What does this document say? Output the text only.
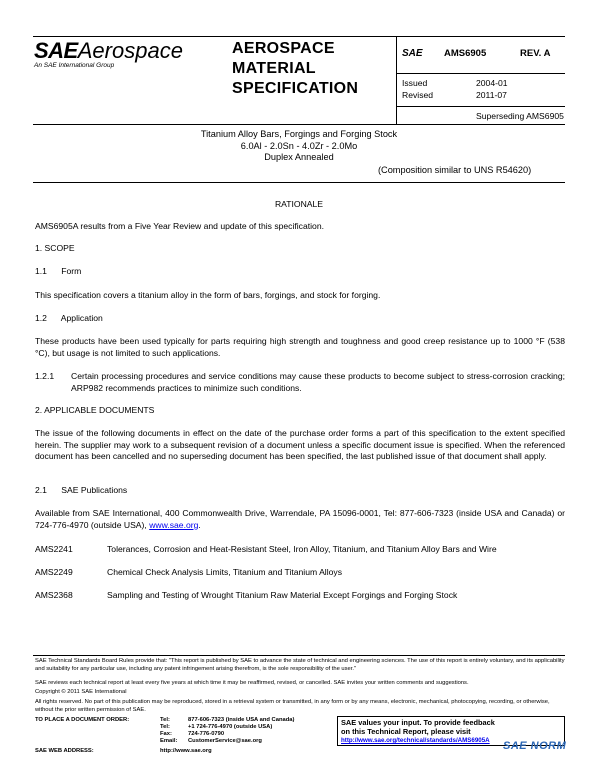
SAEAerospace
An SAE International Group
AEROSPACE
MATERIAL
SPECIFICATION
SAE AMS6905	REV. A
Issued	2004-01
Revised	2011-07
Superseding AMS6905
Titanium Alloy Bars, Forgings and Forging Stock
6.0Al - 2.0Sn - 4.0Zr - 2.0Mo
Duplex Annealed
(Composition similar to UNS R54620)
RATIONALE
AMS6905A results from a Five Year Review and update of this specification.
1. SCOPE
1.1      Form
This specification covers a titanium alloy in the form of bars, forgings, and stock for forging.
1.2      Application
These products have been used typically for parts requiring high strength and toughness and good creep resistance up to 1000 °F (538 °C), but usage is not limited to such applications.
1.2.1 Certain processing procedures and service conditions may cause these products to become subject to stress-corrosion cracking; ARP982 recommends practices to minimize such conditions.
2. APPLICABLE DOCUMENTS
The issue of the following documents in effect on the date of the purchase order forms a part of this specification to the extent specified herein. The supplier may work to a subsequent revision of a document unless a specific document issue is specified. When the referenced document has been cancelled and no superseding document has been specified, the last published issue of that document shall apply.
2.1      SAE Publications
Available from SAE International, 400 Commonwealth Drive, Warrendale, PA 15096-0001, Tel: 877-606-7323 (inside USA and Canada) or 724-776-4970 (outside USA), www.sae.org.
AMS2241	Tolerances, Corrosion and Heat-Resistant Steel, Iron Alloy, Titanium, and Titanium Alloy Bars and Wire
AMS2249	Chemical Check Analysis Limits, Titanium and Titanium Alloys
AMS2368	Sampling and Testing of Wrought Titanium Raw Material Except Forgings and Forging Stock
SAE Technical Standards Board Rules provide that: "This report is published by SAE to advance the state of technical and engineering sciences. The use of this report is entirely voluntary, and its applicability and suitability for any particular use, including any patent infringement arising therefrom, is the sole responsibility of the user."
SAE reviews each technical report at least every five years at which time it may be reaffirmed, revised, or cancelled. SAE invites your written comments and suggestions.
Copyright © 2011 SAE International
All rights reserved. No part of this publication may be reproduced, stored in a retrieval system or transmitted, in any form or by any means, electronic, mechanical, photocopying, recording, or otherwise, without the prior written permission of SAE.
TO PLACE A DOCUMENT ORDER:	Tel:	877-606-7323 (inside USA and Canada)
Tel:	+1 724-776-4970 (outside USA)
Fax:	724-776-0790
Email: CustomerService@sae.org
SAE WEB ADDRESS:	http://www.sae.org
SAE values your input. To provide feedback
on this Technical Report, please visit
http://www.sae.org/technical/standards/AMS6905A	SAE NORM
